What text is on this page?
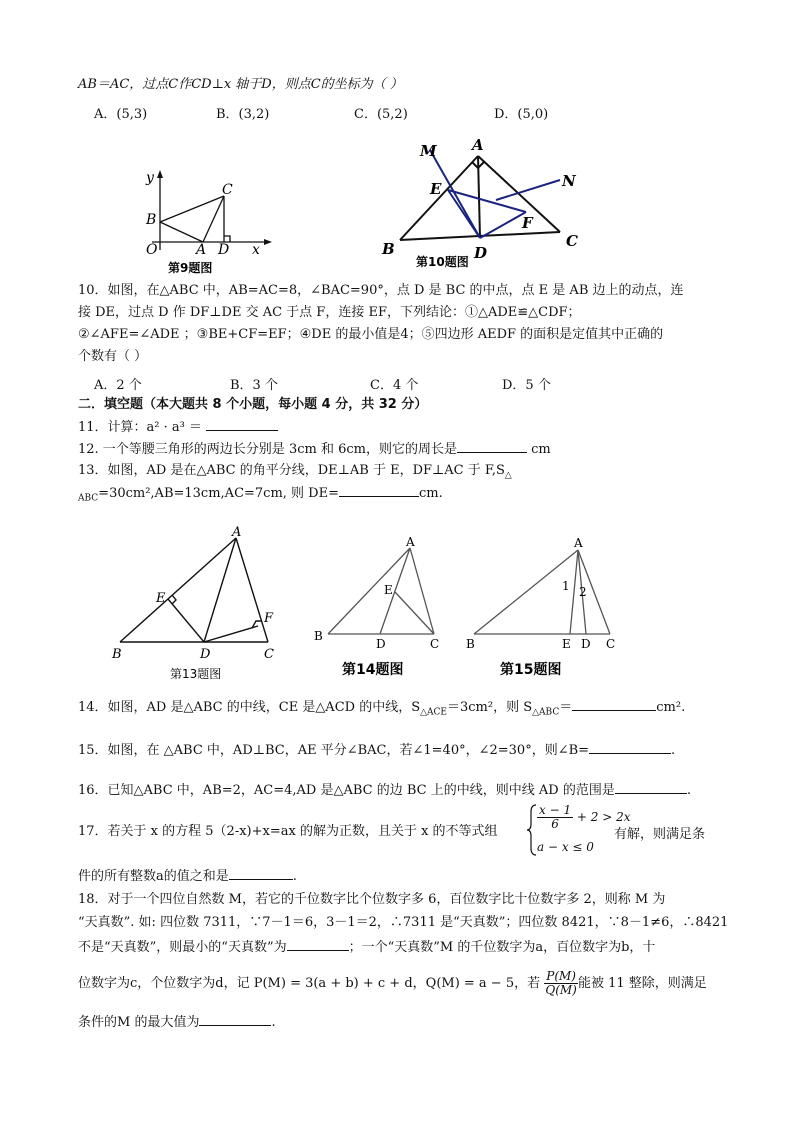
AB＝AC，过点C作CD⊥x 轴于D，则点C的坐标为（ ）
A．(5,3)	B．(3,2)	C．(5,2)	D．(5,0)
y
B
C
O	A D x
第9题图
M A
N
E
F
B	C
D
第10题图
10．如图，在△ABC 中，AB=AC=8，∠BAC=90°，点 D 是 BC 的中点，点 E 是 AB 边上的动点，连
接 DE，过点 D 作 DF⊥DE 交 AC 于点 F，连接 EF，下列结论：①△ADE≌△CDF；
②∠AFE=∠ADE ；③BE+CF=EF；④DE 的最小值是4；⑤四边形 AEDF 的面积是定值其中正确的
个数有（ ）
A．2 个	B．3 个	C．4 个	D．5 个
二．填空题（本大题共 8 个小题，每小题 4 分，共 32 分）
11．计算：a² · a³ ＝
12. 一个等腰三角形的两边长分别是 3cm 和 6cm，则它的周长是	cm
13．如图，AD 是在△ABC 的角平分线，DE⊥AB 于 E，DF⊥AC 于 $F,S_\triangle$
$_{ABC}$=30cm²,AB=13cm,AC=7cm, 则 DE=	cm.
A
E
F
B	D	C
第13题图
A
E
B
D	C
第14题图
A
1 2
B	E D C
第15题图
14．如图，AD 是△ABC 的中线，CE 是△ACD 的中线，$S_{\triangle ACE}=3cm^2$，则 $S_{\triangle ABC}=$	cm².
15．如图，在 △ABC 中，AD⊥BC，AE 平分∠BAC，若∠1=40°，∠2=30°，则∠B=	.
16．已知△ABC 中，AB=2，AC=4,AD 是△ABC 的边 BC 上的中线，则中线 AD 的范围是	.
17．若关于 x 的方程 5（2-x)+x=ax 的解为正数，且关于 x 的不等式组
$\frac{x - 1}{6} + 2 > 2x$
a − x ≤ 0
有解，则满足条
件的所有整数a的值之和是	.
18．对于一个四位自然数 M，若它的千位数字比个位数字多 6，百位数字比十位数字多 2，则称 M 为
“天真数”. 如: 四位数 7311，∵7－1＝6，3－1＝2，∴7311 是“天真数”；四位数 8421，∵8－1≠6，∴8421
不是“天真数”，则最小的“天真数”为	；一个“天真数”M 的千位数字为a，百位数字为b，十
位数字为c，个位数字为d，记 P(M) = 3(a + b) + c + d，Q(M) = a − 5，若 $\frac{P(M)}{Q(M)}$ 能被 11 整除，则满足
条件的M 的最大值为	.
